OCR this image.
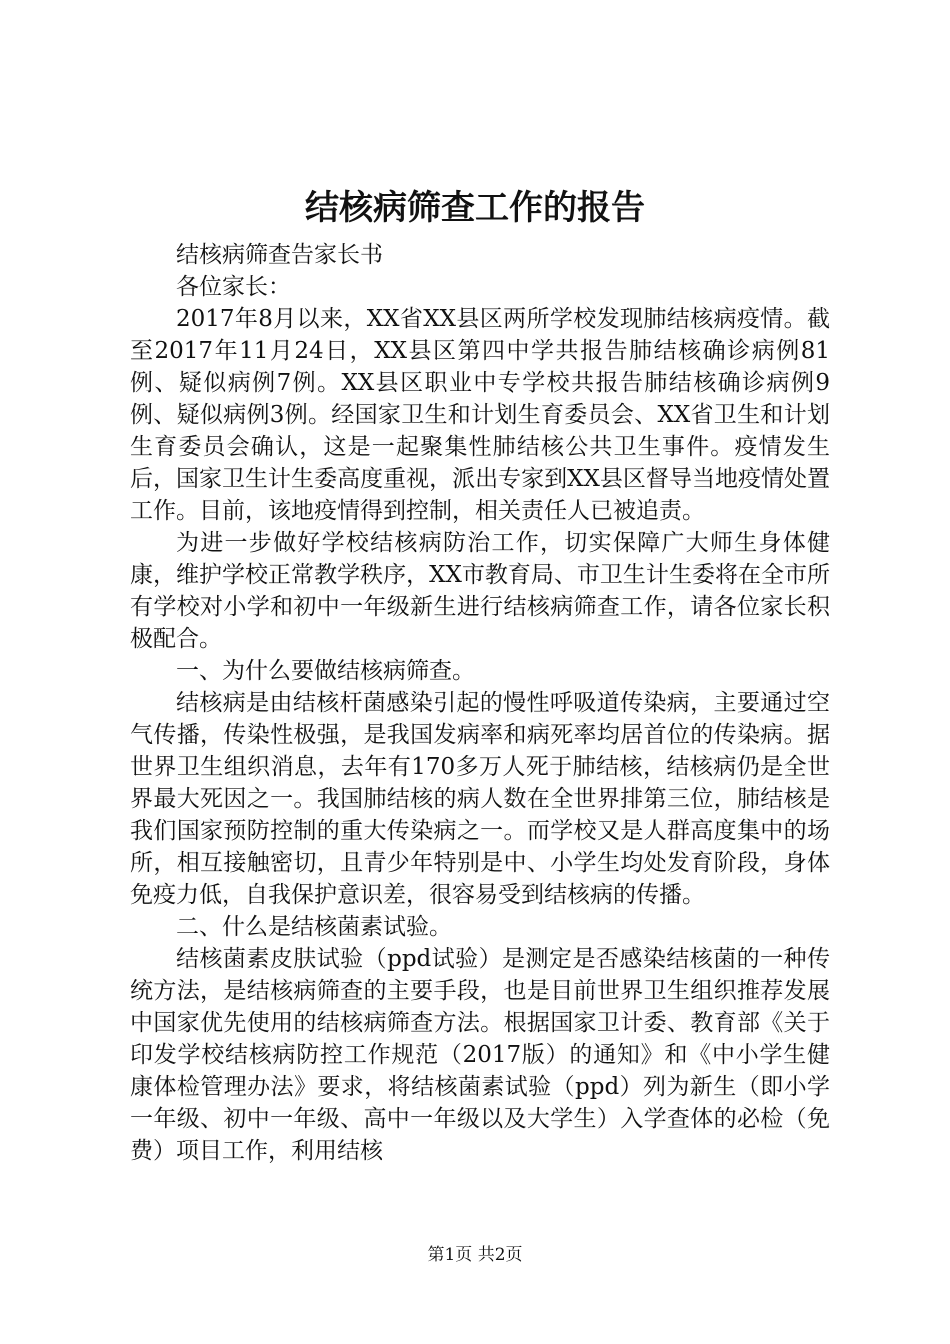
结核病筛查工作的报告

结核病筛查告家长书

各位家长：

2017年8月以来，XX省XX县区两所学校发现肺结核病疫情。截至2017年11月24日，XX县区第四中学共报告肺结核确诊病例81例、疑似病例7例。XX县区职业中专学校共报告肺结核确诊病例9例、疑似病例3例。经国家卫生和计划生育委员会、XX省卫生和计划生育委员会确认，这是一起聚集性肺结核公共卫生事件。疫情发生后，国家卫生计生委高度重视，派出专家到XX县区督导当地疫情处置工作。目前，该地疫情得到控制，相关责任人已被追责。

为进一步做好学校结核病防治工作，切实保障广大师生身体健康，维护学校正常教学秩序，XX市教育局、市卫生计生委将在全市所有学校对小学和初中一年级新生进行结核病筛查工作，请各位家长积极配合。

一、为什么要做结核病筛查。

结核病是由结核杆菌感染引起的慢性呼吸道传染病，主要通过空气传播，传染性极强，是我国发病率和病死率均居首位的传染病。据世界卫生组织消息，去年有170多万人死于肺结核，结核病仍是全世界最大死因之一。我国肺结核的病人数在全世界排第三位，肺结核是我们国家预防控制的重大传染病之一。而学校又是人群高度集中的场所，相互接触密切，且青少年特别是中、小学生均处发育阶段，身体免疫力低，自我保护意识差，很容易受到结核病的传播。

二、什么是结核菌素试验。

结核菌素皮肤试验（ppd试验）是测定是否感染结核菌的一种传统方法，是结核病筛查的主要手段，也是目前世界卫生组织推荐发展中国家优先使用的结核病筛查方法。根据国家卫计委、教育部《关于印发学校结核病防控工作规范（2017版）的通知》和《中小学生健康体检管理办法》要求，将结核菌素试验（ppd）列为新生（即小学一年级、初中一年级、高中一年级以及大学生）入学查体的必检（免费）项目工作，利用结核

第1页 共2页
